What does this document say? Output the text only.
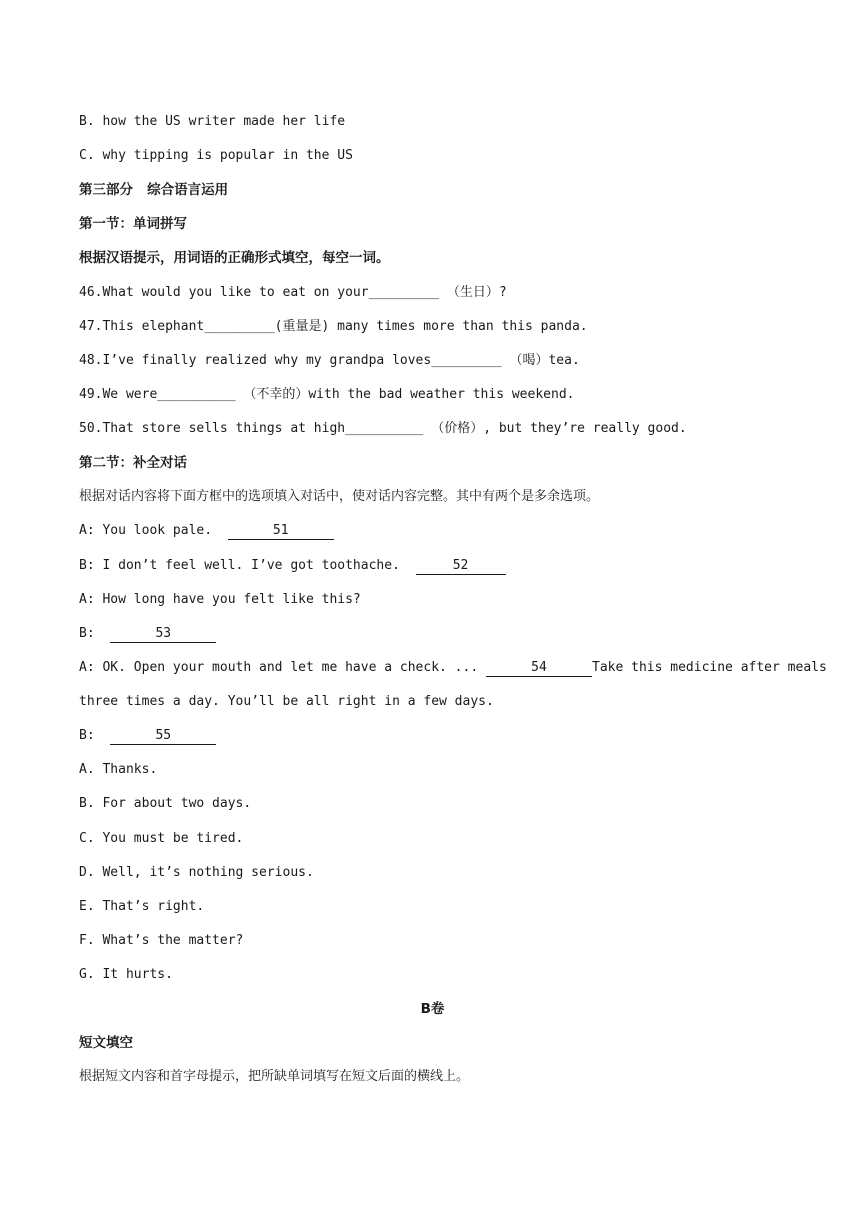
B. how the US writer made her life
C. why tipping is popular in the US
第三部分   综合语言运用
第一节：单词拼写
根据汉语提示，用词语的正确形式填空，每空一词。
46.What would you like to eat on your_________ （生日）?
47.This elephant_________(重量是) many times more than this panda.
48.I’ve finally realized why my grandpa loves_________ （喝）tea.
49.We were__________ （不幸的）with the bad weather this weekend.
50.That store sells things at high__________ （价格）, but they’re really good.
第二节：补全对话
根据对话内容将下面方框中的选项填入对话中，使对话内容完整。其中有两个是多余选项。
A: You look pale.	51
B: I don’t feel well. I’ve got toothache.	52
A: How long have you felt like this?
B:	53
A: OK. Open your mouth and let me have a check. ...	54	Take this medicine after meals
three times a day. You’ll be all right in a few days.
B:	55
A. Thanks.
B. For about two days.
C. You must be tired.
D. Well, it’s nothing serious.
E. That’s right.
F. What’s the matter?
G. It hurts.
B卷
短文填空
根据短文内容和首字母提示，把所缺单词填写在短文后面的横线上。
